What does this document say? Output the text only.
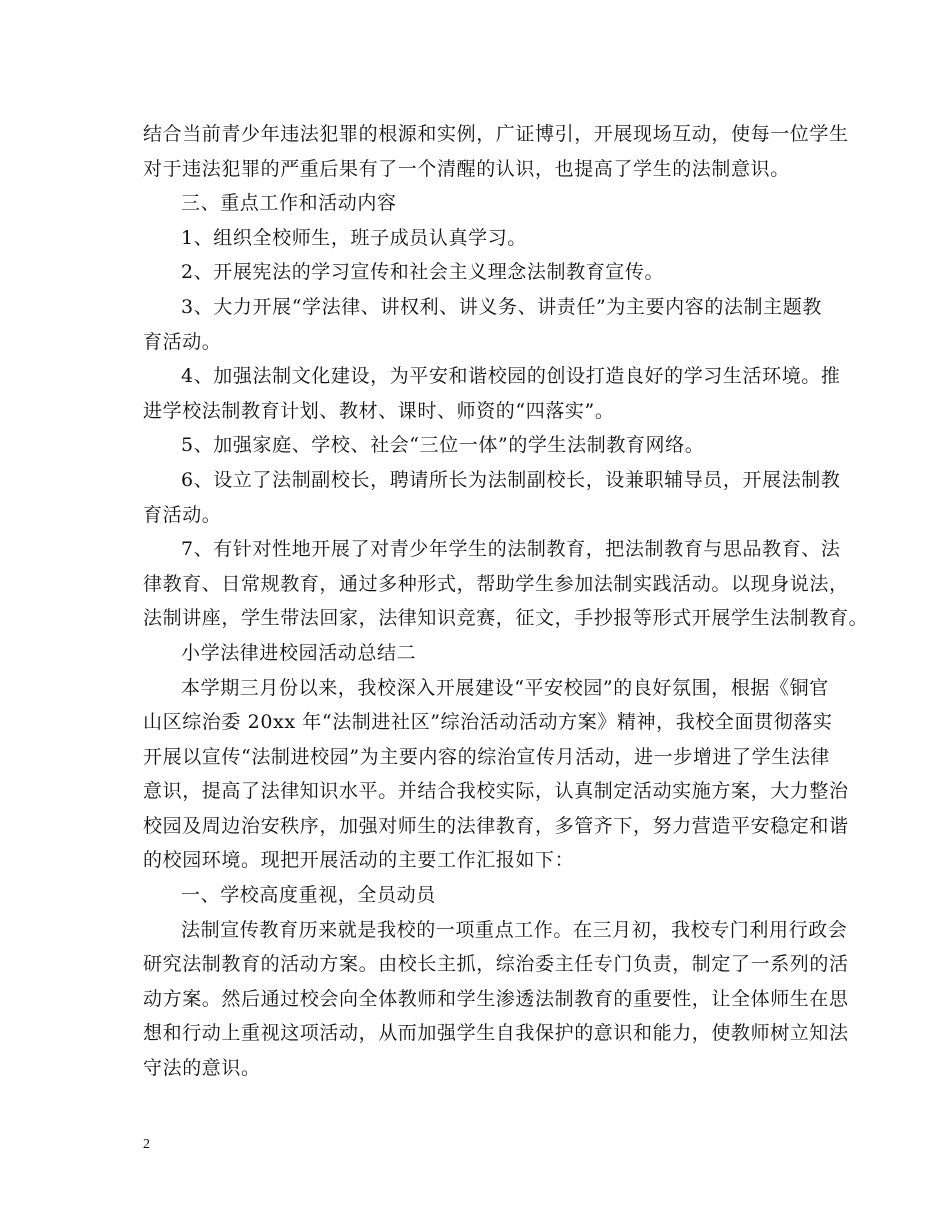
结合当前青少年违法犯罪的根源和实例，广证博引，开展现场互动，使每一位学生
对于违法犯罪的严重后果有了一个清醒的认识，也提高了学生的法制意识。
三、重点工作和活动内容
1、组织全校师生，班子成员认真学习。
2、开展宪法的学习宣传和社会主义理念法制教育宣传。
3、大力开展“学法律、讲权利、讲义务、讲责任”为主要内容的法制主题教
育活动。
4、加强法制文化建设，为平安和谐校园的创设打造良好的学习生活环境。推
进学校法制教育计划、教材、课时、师资的“四落实”。
5、加强家庭、学校、社会“三位一体”的学生法制教育网络。
6、设立了法制副校长，聘请所长为法制副校长，设兼职辅导员，开展法制教
育活动。
7、有针对性地开展了对青少年学生的法制教育，把法制教育与思品教育、法
律教育、日常规教育，通过多种形式，帮助学生参加法制实践活动。以现身说法，
法制讲座，学生带法回家，法律知识竞赛，征文，手抄报等形式开展学生法制教育。
小学法律进校园活动总结二
本学期三月份以来，我校深入开展建设“平安校园”的良好氛围，根据《铜官
山区综治委 20xx 年“法制进社区”综治活动活动方案》精神，我校全面贯彻落实
开展以宣传“法制进校园”为主要内容的综治宣传月活动，进一步增进了学生法律
意识，提高了法律知识水平。并结合我校实际，认真制定活动实施方案，大力整治
校园及周边治安秩序，加强对师生的法律教育，多管齐下，努力营造平安稳定和谐
的校园环境。现把开展活动的主要工作汇报如下：
一、学校高度重视，全员动员
法制宣传教育历来就是我校的一项重点工作。在三月初，我校专门利用行政会
研究法制教育的活动方案。由校长主抓，综治委主任专门负责，制定了一系列的活
动方案。然后通过校会向全体教师和学生渗透法制教育的重要性，让全体师生在思
想和行动上重视这项活动，从而加强学生自我保护的意识和能力，使教师树立知法
守法的意识。
2
